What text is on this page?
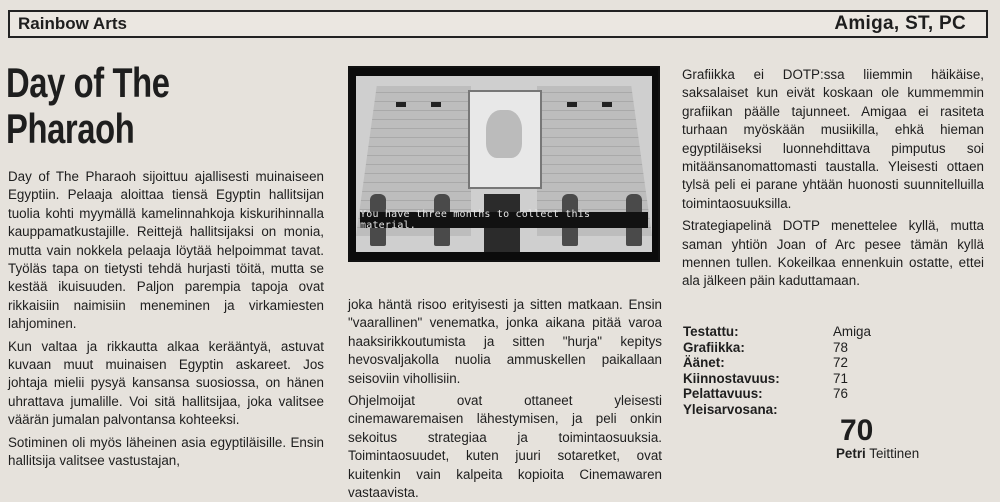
Rainbow Arts	Amiga, ST, PC
Day of The Pharaoh

Day of The Pharaoh sijoittuu ajallisesti muinaiseen Egyptiin. Pelaaja aloittaa tiensä Egyptin hallitsijan tuolia kohti myymällä kamelinnahkoja kiskurihinnalla kauppamatkustajille. Reittejä hallitsijaksi on monia, mutta vain nokkela pelaaja löytää helpoimmat tavat. Työläs tapa on tietysti tehdä hurjasti töitä, mutta se kestää ikuisuuden. Paljon parempia tapoja ovat rikkaisiin naimisiin meneminen ja virkamiesten lahjominen.

Kun valtaa ja rikkautta alkaa kerääntyä, astuvat kuvaan muut muinaisen Egyptin askareet. Jos johtaja mielii pysyä kansansa suosiossa, on hänen uhrattava jumalille. Voi sitä hallitsijaa, joka valitsee väärän jumalan palvontansa kohteeksi.

Sotiminen oli myös läheinen asia egyptiläisille. Ensin hallitsija valitsee vastustajan,

You have three months to collect this material.

joka häntä risoo erityisesti ja sitten matkaan. Ensin "vaarallinen" venematka, jonka aikana pitää varoa haaksirikkoutumista ja sitten "hurja" kepitys hevosvaljakolla nuolia ammuskellen paikallaan seisoviin vihollisiin.

Ohjelmoijat ovat ottaneet yleisesti cinemawaremaisen lähestymisen, ja peli onkin sekoitus strategiaa ja toimintaosuuksia. Toimintaosuudet, kuten juuri sotaretket, ovat kuitenkin vain kalpeita kopioita Cinemawaren vastaavista.

Grafiikka ei DOTP:ssa liiemmin häikäise, saksalaiset kun eivät koskaan ole kummemmin grafiikan päälle tajunneet. Amigaa ei rasiteta turhaan myöskään musiikilla, ehkä hieman egyptiläiseksi luonnehdittava pimputus soi mitäänsanomattomasti taustalla. Yleisesti ottaen tylsä peli ei parane yhtään huonosti suunnitelluilla toimintaosuuksilla.

Strategiapelinä DOTP menettelee kyllä, mutta saman yhtiön Joan of Arc pesee tämän kyllä mennen tullen. Kokeilkaa ennenkuin ostatte, ettei ala jälkeen päin kaduttamaan.

Testattu:	Amiga
Grafiikka:	78
Äänet:	72
Kiinnostavuus:	71
Pelattavuus:	76
Yleisarvosana:
70
Petri Teittinen
